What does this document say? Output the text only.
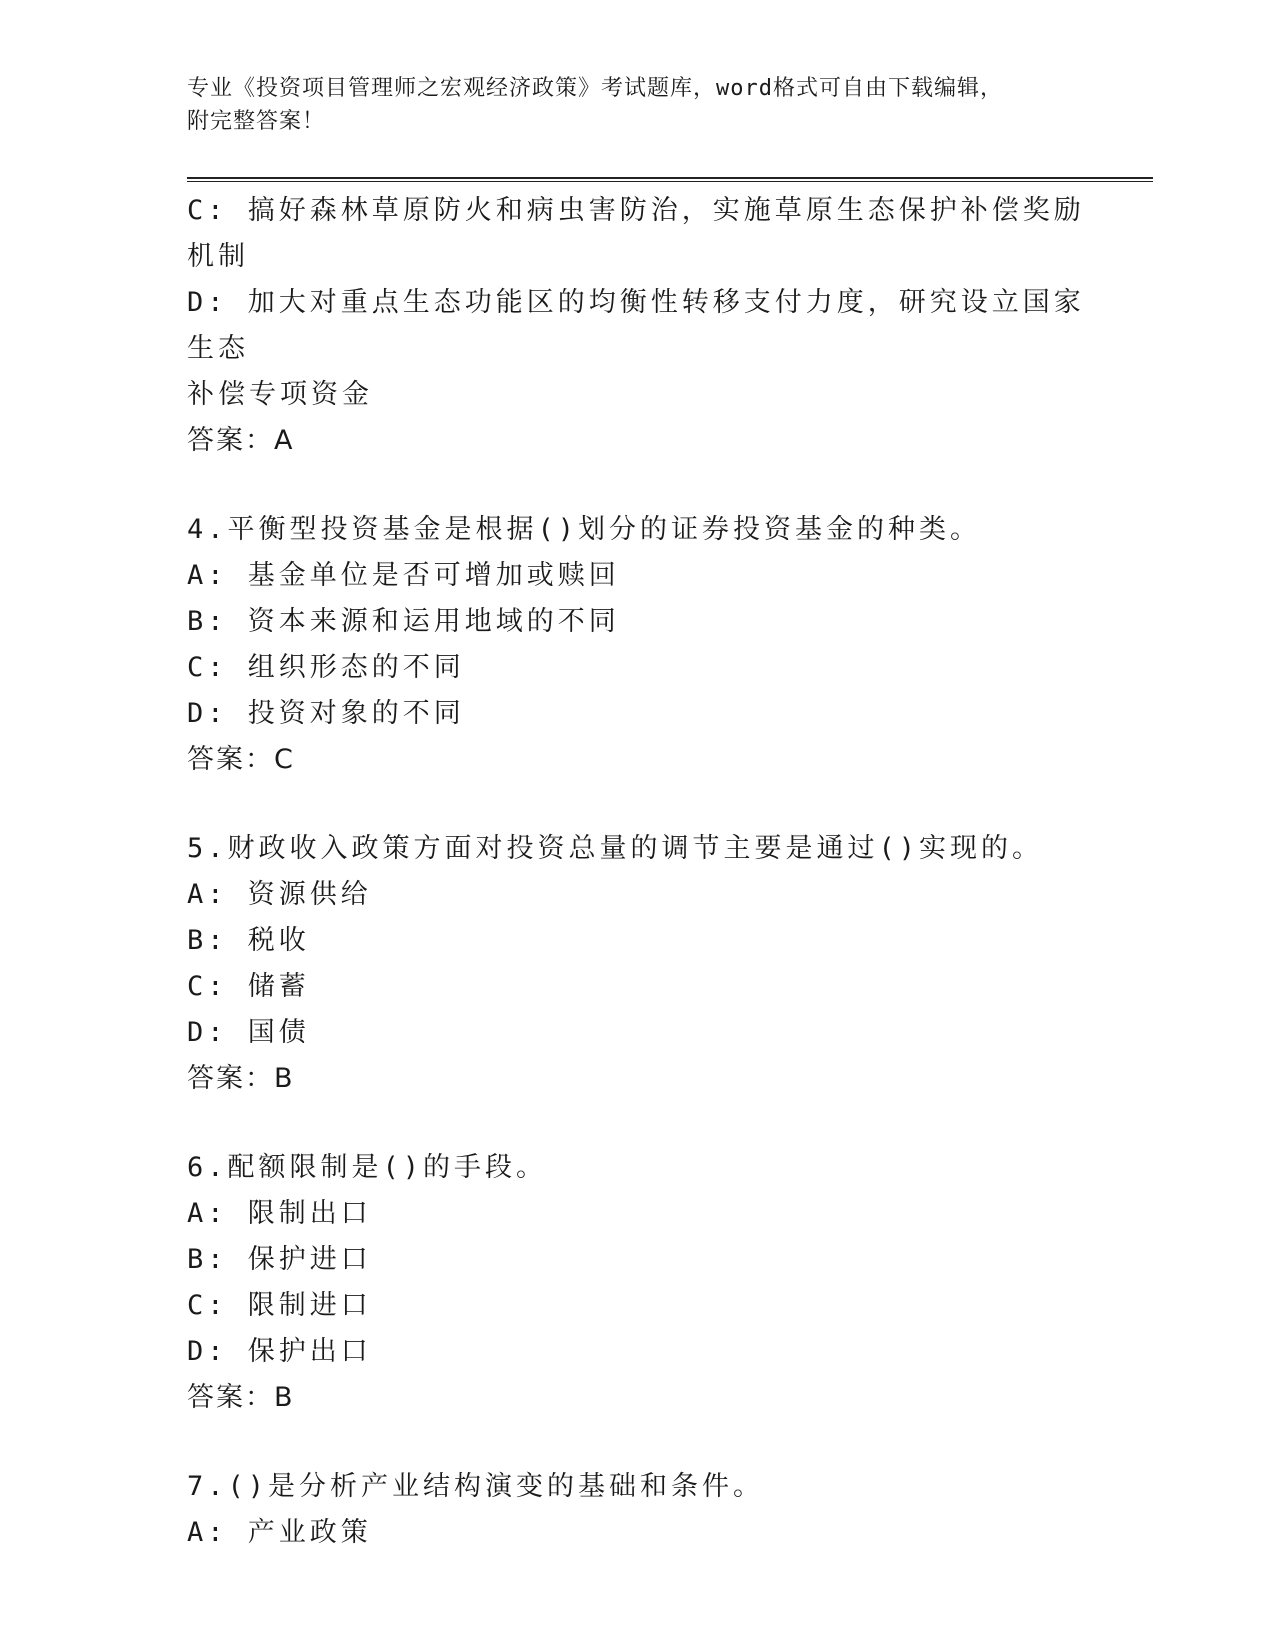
专业《投资项目管理师之宏观经济政策》考试题库，word格式可自由下载编辑，
附完整答案！
C: 搞好森林草原防火和病虫害防治，实施草原生态保护补偿奖励机制
D: 加大对重点生态功能区的均衡性转移支付力度，研究设立国家生态
补偿专项资金
答案：A
4.平衡型投资基金是根据()划分的证券投资基金的种类。
A: 基金单位是否可增加或赎回
B: 资本来源和运用地域的不同
C: 组织形态的不同
D: 投资对象的不同
答案：C
5.财政收入政策方面对投资总量的调节主要是通过()实现的。
A: 资源供给
B: 税收
C: 储蓄
D: 国债
答案：B
6.配额限制是()的手段。
A: 限制出口
B: 保护进口
C: 限制进口
D: 保护出口
答案：B
7.()是分析产业结构演变的基础和条件。
A: 产业政策
